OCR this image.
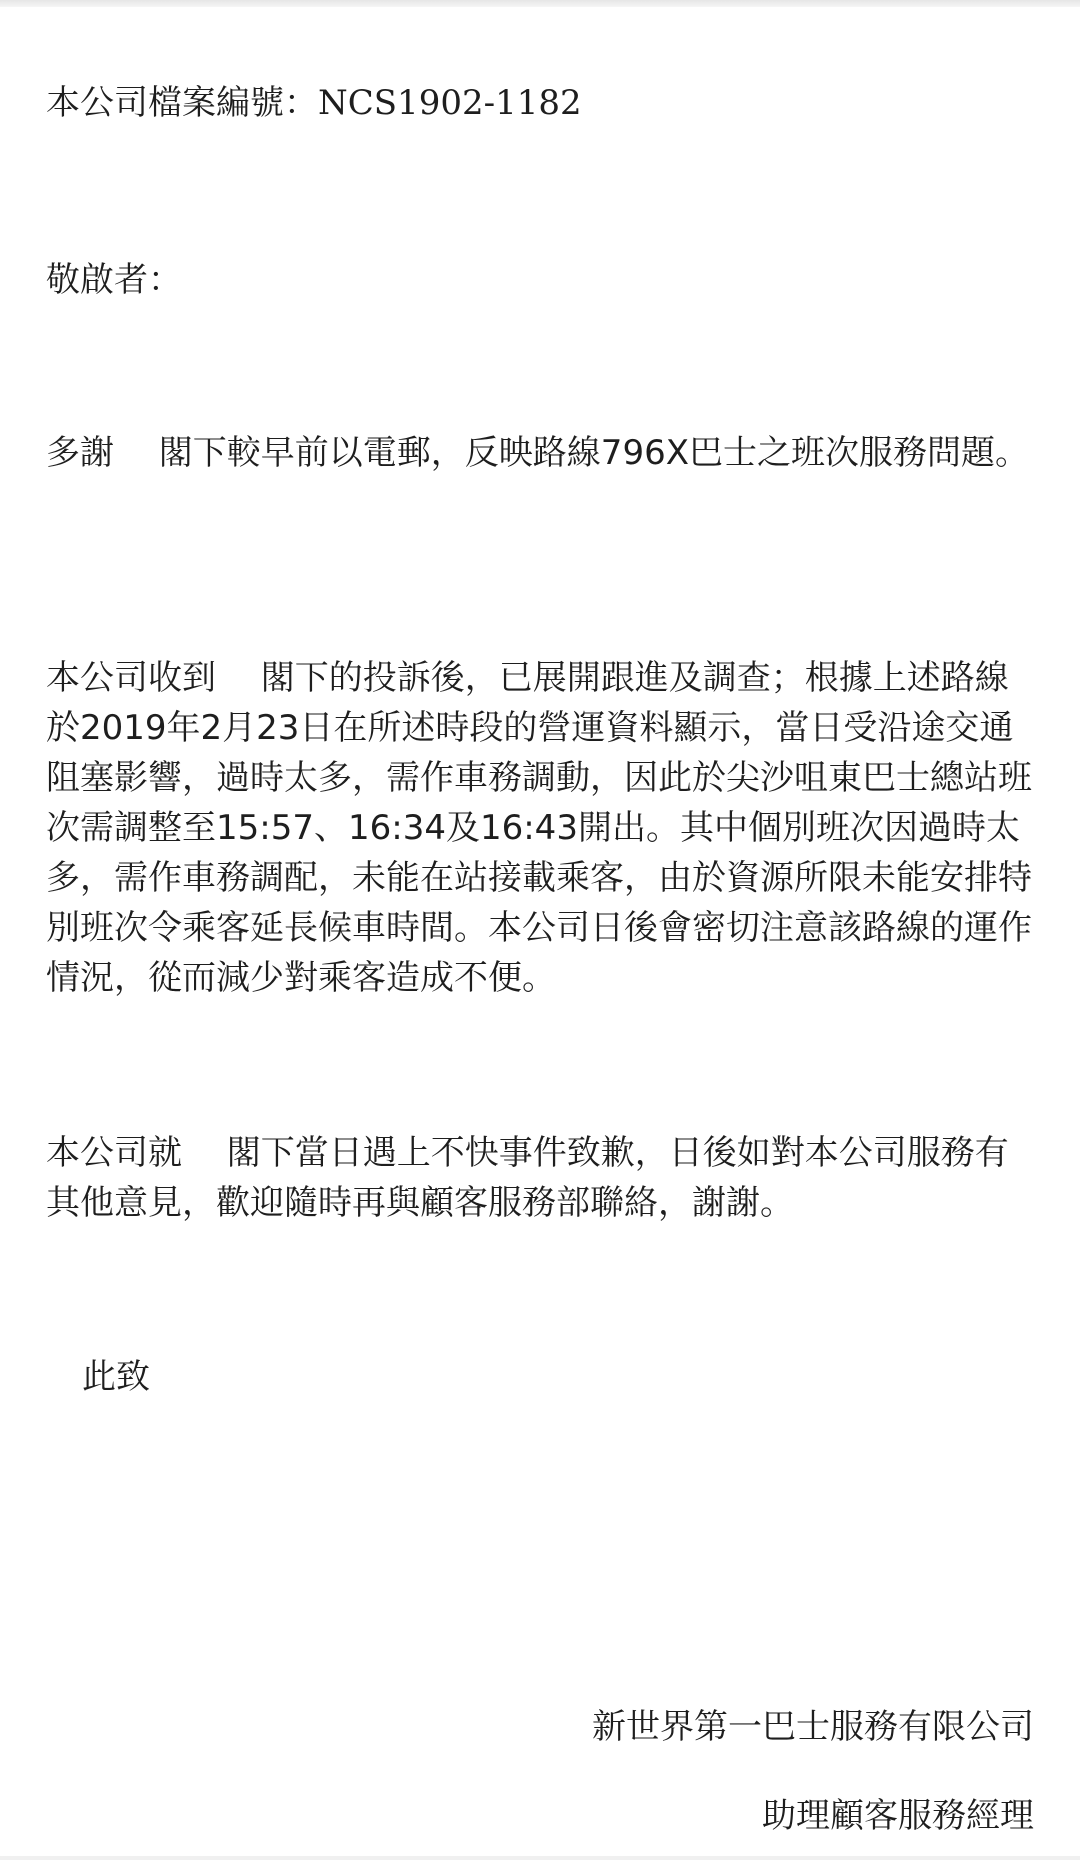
本公司檔案編號：NCS1902-1182
敬啟者：

多謝　 閣下較早前以電郵，反映路線796X巴士之班次服務問題。

本公司收到　 閣下的投訴後，已展開跟進及調查；根據上述路線於2019年2月23日在所述時段的營運資料顯示，當日受沿途交通阻塞影響，過時太多，需作車務調動，因此於尖沙咀東巴士總站班次需調整至15:57、16:34及16:43開出。其中個別班次因過時太多，需作車務調配，未能在站接載乘客，由於資源所限未能安排特別班次令乘客延長候車時間。本公司日後會密切注意該路線的運作情況，從而減少對乘客造成不便。

本公司就　 閣下當日遇上不快事件致歉，日後如對本公司服務有其他意見，歡迎隨時再與顧客服務部聯絡，謝謝。

此致
新世界第一巴士服務有限公司
助理顧客服務經理
